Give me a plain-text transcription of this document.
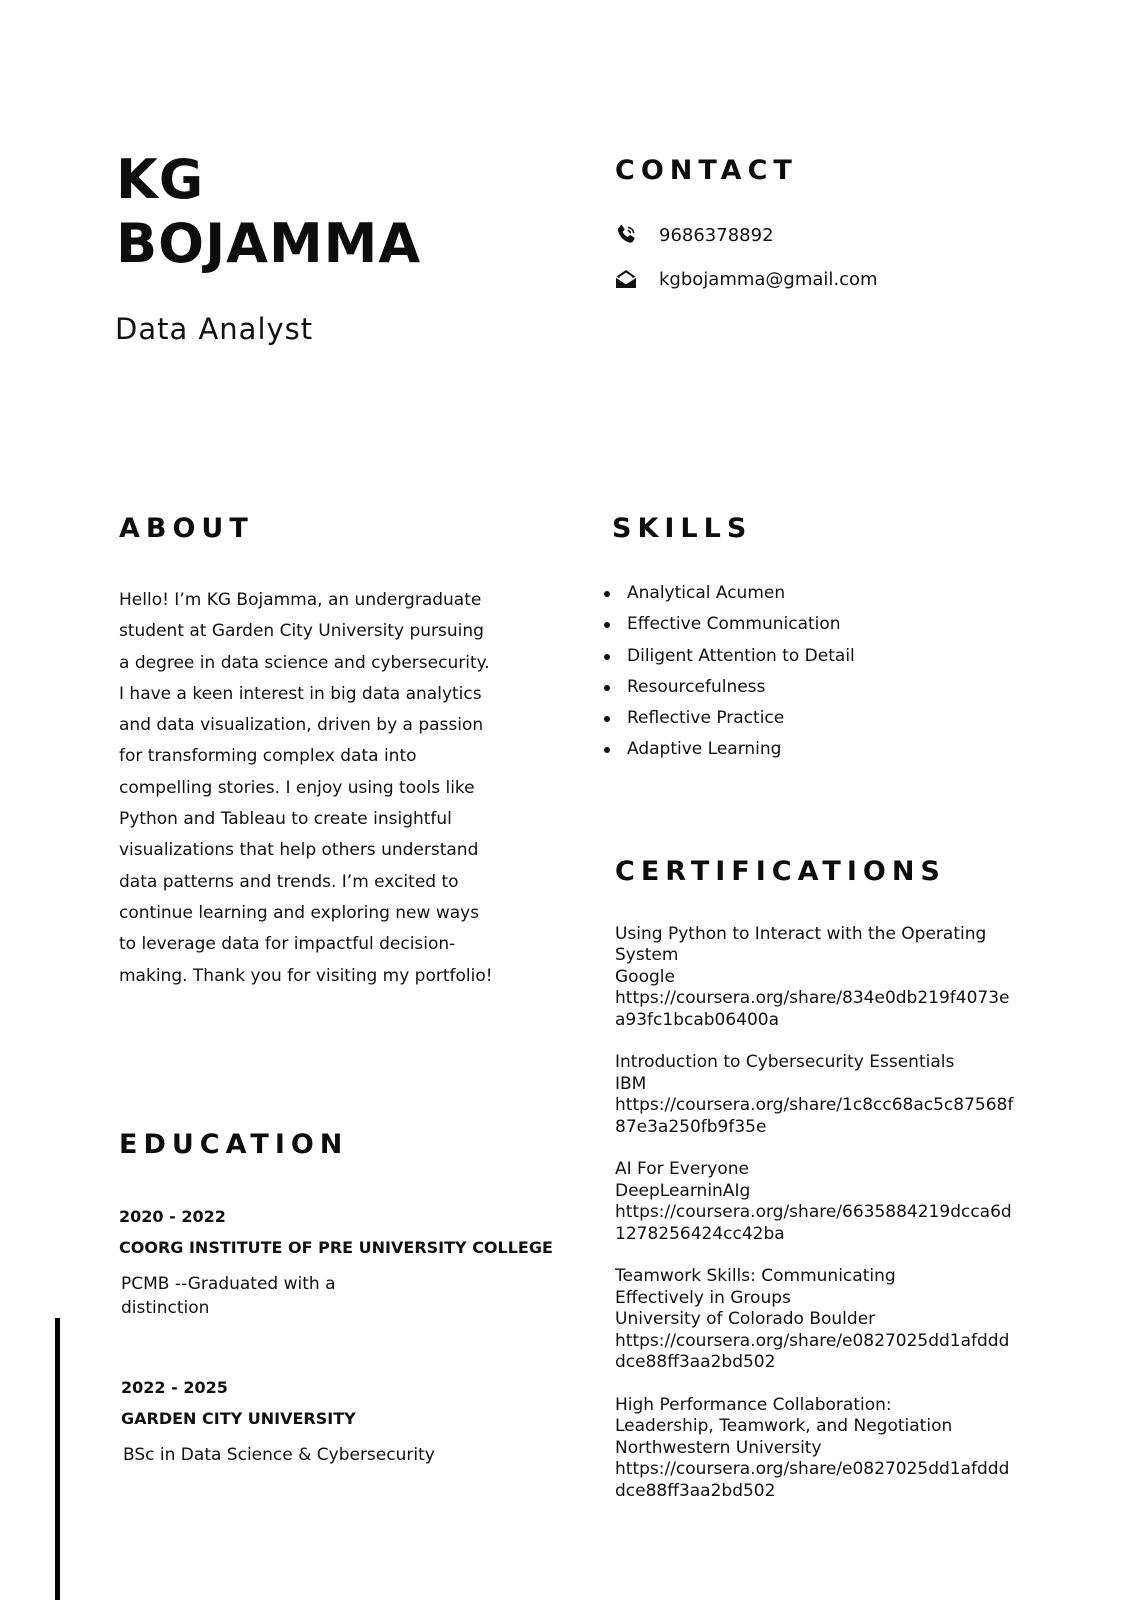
KG
BOJAMMA
Data Analyst
CONTACT
9686378892
kgbojamma@gmail.com
ABOUT
Hello! I’m KG Bojamma, an undergraduate
student at Garden City University pursuing
a degree in data science and cybersecurity.
I have a keen interest in big data analytics
and data visualization, driven by a passion
for transforming complex data into
compelling stories. I enjoy using tools like
Python and Tableau to create insightful
visualizations that help others understand
data patterns and trends. I’m excited to
continue learning and exploring new ways
to leverage data for impactful decision-
making. Thank you for visiting my portfolio!
SKILLS
Analytical Acumen
Effective Communication
Diligent Attention to Detail
Resourcefulness
Reflective Practice
Adaptive Learning
CERTIFICATIONS
Using Python to Interact with the Operating System
Google
https://coursera.org/share/834e0db219f4073ea93fc1bcab06400a
Introduction to Cybersecurity Essentials
IBM
https://coursera.org/share/1c8cc68ac5c87568f87e3a250fb9f35e
AI For Everyone
DeepLearninAIg
https://coursera.org/share/6635884219dcca6d1278256424cc42ba
Teamwork Skills: Communicating Effectively in Groups
University of Colorado Boulder
https://coursera.org/share/e0827025dd1afddddce88ff3aa2bd502
High Performance Collaboration: Leadership, Teamwork, and Negotiation
Northwestern University
https://coursera.org/share/e0827025dd1afddddce88ff3aa2bd502
EDUCATION
2020 - 2022
COORG INSTITUTE OF PRE UNIVERSITY COLLEGE
PCMB --Graduated with a
distinction
2022 - 2025
GARDEN CITY UNIVERSITY
BSc in Data Science & Cybersecurity
